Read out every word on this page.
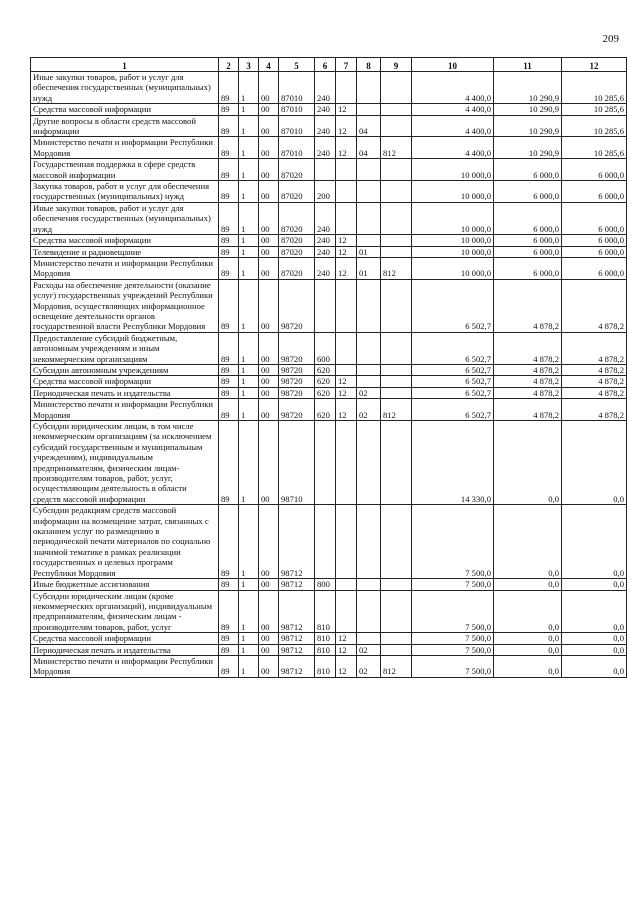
209
1	2	3	4	5	6	7	8	9	10	11	12
Иные закупки товаров, работ и услуг для обеспечения государственных (муниципальных) нужд	89	1	00	87010	240				4 400,0	10 290,9	10 285,6
Средства массовой информации	89	1	00	87010	240	12			4 400,0	10 290,9	10 285,6
Другие вопросы в области средств массовой информации	89	1	00	87010	240	12	04		4 400,0	10 290,9	10 285,6
Министерство печати и информации Республики Мордовия	89	1	00	87010	240	12	04	812	4 400,0	10 290,9	10 285,6
Государственная поддержка в сфере средств массовой информации	89	1	00	87020					10 000,0	6 000,0	6 000,0
Закупка товаров, работ и услуг для обеспечения государственных (муниципальных) нужд	89	1	00	87020	200				10 000,0	6 000,0	6 000,0
Иные закупки товаров, работ и услуг для обеспечения государственных (муниципальных) нужд	89	1	00	87020	240				10 000,0	6 000,0	6 000,0
Средства массовой информации	89	1	00	87020	240	12			10 000,0	6 000,0	6 000,0
Телевидение и радиовещание	89	1	00	87020	240	12	01		10 000,0	6 000,0	6 000,0
Министерство печати и информации Республики Мордовия	89	1	00	87020	240	12	01	812	10 000,0	6 000,0	6 000,0
Расходы на обеспечение деятельности (оказание услуг) государственных учреждений Республики Мордовия, осуществляющих информационное освещение деятельности органов государственной власти Республики Мордовия	89	1	00	98720					6 502,7	4 878,2	4 878,2
Предоставление субсидий бюджетным, автономным учреждениям и иным некоммерческим организациям	89	1	00	98720	600				6 502,7	4 878,2	4 878,2
Субсидии автономным учреждениям	89	1	00	98720	620				6 502,7	4 878,2	4 878,2
Средства массовой информации	89	1	00	98720	620	12			6 502,7	4 878,2	4 878,2
Периодическая печать и издательства	89	1	00	98720	620	12	02		6 502,7	4 878,2	4 878,2
Министерство печати и информации Республики Мордовия	89	1	00	98720	620	12	02	812	6 502,7	4 878,2	4 878,2
Субсидии юридическим лицам, в том числе некоммерческим организациям (за исключением субсидий государственным и муниципальным учреждениям), индивидуальным предпринимателям, физическим лицам- производителям товаров, работ, услуг, осуществляющим деятельность в области средств массовой информации	89	1	00	98710					14 330,0	0,0	0,0
Субсидии редакциям средств массовой информации на возмещение затрат, связанных с оказанием услуг по размещению в периодической печати материалов по социально значимой тематике в рамках реализации государственных и целевых программ Республики Мордовия	89	1	00	98712					7 500,0	0,0	0,0
Иные бюджетные ассигнования	89	1	00	98712	800				7 500,0	0,0	0,0
Субсидии юридическим лицам (кроме некоммерческих организаций), индивидуальным предпринимателям, физическим лицам - производителям товаров, работ, услуг	89	1	00	98712	810				7 500,0	0,0	0,0
Средства массовой информации	89	1	00	98712	810	12			7 500,0	0,0	0,0
Периодическая печать и издательства	89	1	00	98712	810	12	02		7 500,0	0,0	0,0
Министерство печати и информации Республики Мордовия	89	1	00	98712	810	12	02	812	7 500,0	0,0	0,0
